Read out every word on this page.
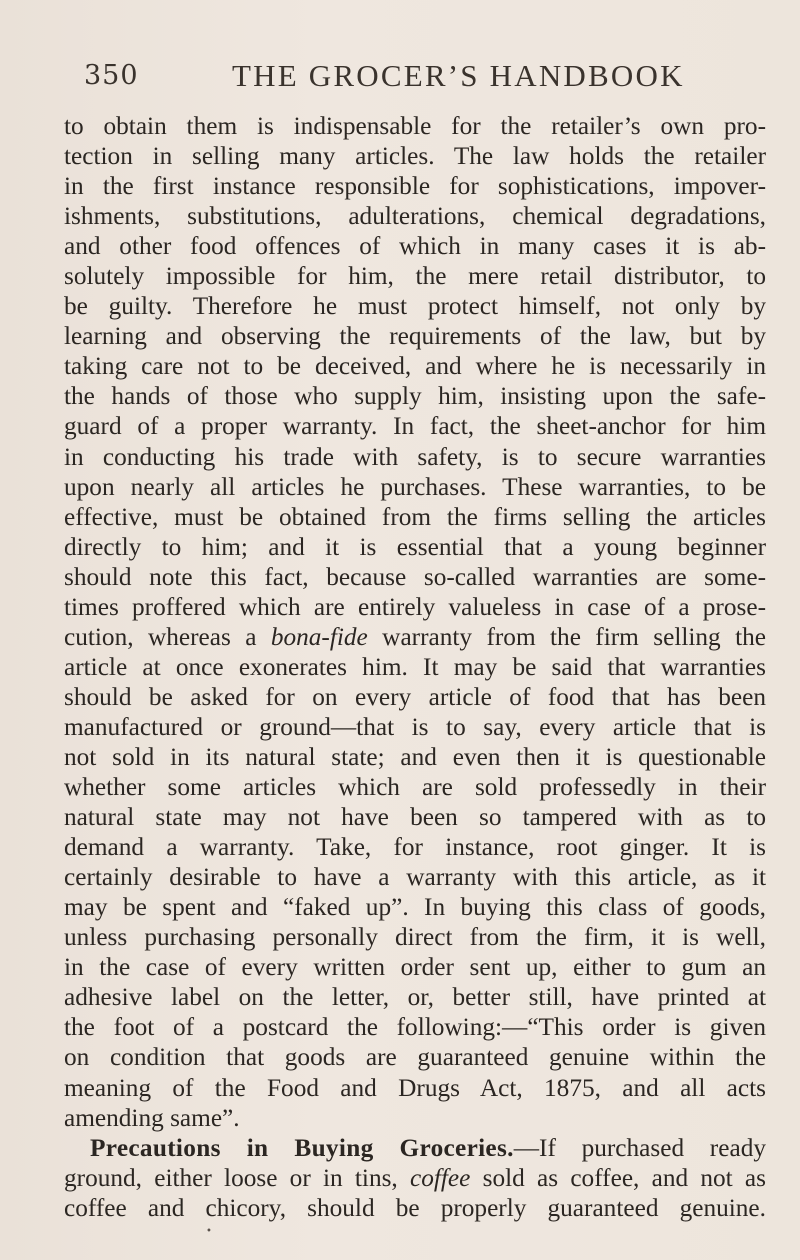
350	THE GROCER’S HANDBOOK
to obtain them is indispensable for the retailer’s own pro-
tection in selling many articles. The law holds the retailer
in the first instance responsible for sophistications, impover-
ishments, substitutions, adulterations, chemical degradations,
and other food offences of which in many cases it is ab-
solutely impossible for him, the mere retail distributor, to
be guilty. Therefore he must protect himself, not only by
learning and observing the requirements of the law, but by
taking care not to be deceived, and where he is necessarily in
the hands of those who supply him, insisting upon the safe-
guard of a proper warranty. In fact, the sheet-anchor for him
in conducting his trade with safety, is to secure warranties
upon nearly all articles he purchases. These warranties, to be
effective, must be obtained from the firms selling the articles
directly to him; and it is essential that a young beginner
should note this fact, because so-called warranties are some-
times proffered which are entirely valueless in case of a prose-
cution, whereas a bona-fide warranty from the firm selling the
article at once exonerates him. It may be said that warranties
should be asked for on every article of food that has been
manufactured or ground—that is to say, every article that is
not sold in its natural state; and even then it is questionable
whether some articles which are sold professedly in their
natural state may not have been so tampered with as to
demand a warranty. Take, for instance, root ginger. It is
certainly desirable to have a warranty with this article, as it
may be spent and “faked up”. In buying this class of goods,
unless purchasing personally direct from the firm, it is well,
in the case of every written order sent up, either to gum an
adhesive label on the letter, or, better still, have printed at
the foot of a postcard the following:—“This order is given
on condition that goods are guaranteed genuine within the
meaning of the Food and Drugs Act, 1875, and all acts
amending same”.
Precautions in Buying Groceries.—If purchased ready
ground, either loose or in tins, coffee sold as coffee, and not as
coffee and chicory, should be properly guaranteed genuine.
•
